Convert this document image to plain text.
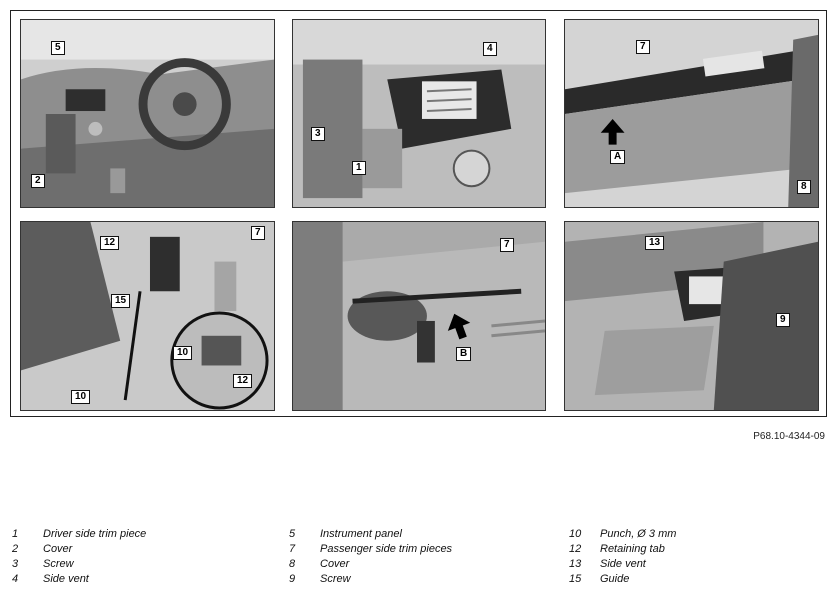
5
2
4
3
1
7
A
8
12
7
15
10
12
10
7
B
13
9
P68.10-4344-09
1	Driver side trim piece
2	Cover
3	Screw
4	Side vent
5	Instrument panel
7	Passenger side trim pieces
8	Cover
9	Screw
10	Punch, Ø 3 mm
12	Retaining tab
13	Side vent
15	Guide
